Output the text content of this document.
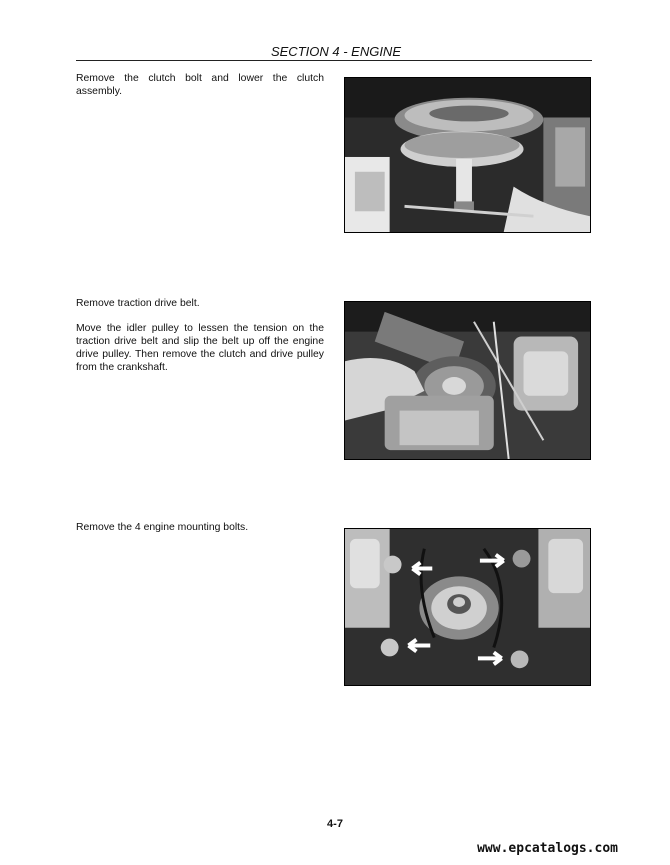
SECTION 4 - ENGINE

Remove the clutch bolt and lower the clutch assembly.

Remove traction drive belt.

Move the idler pulley to lessen the tension on the traction drive belt and slip the belt up off the engine drive pulley. Then remove the clutch and drive pulley from the crankshaft.

Remove the 4 engine mounting bolts.

4-7
www.epcatalogs.com
